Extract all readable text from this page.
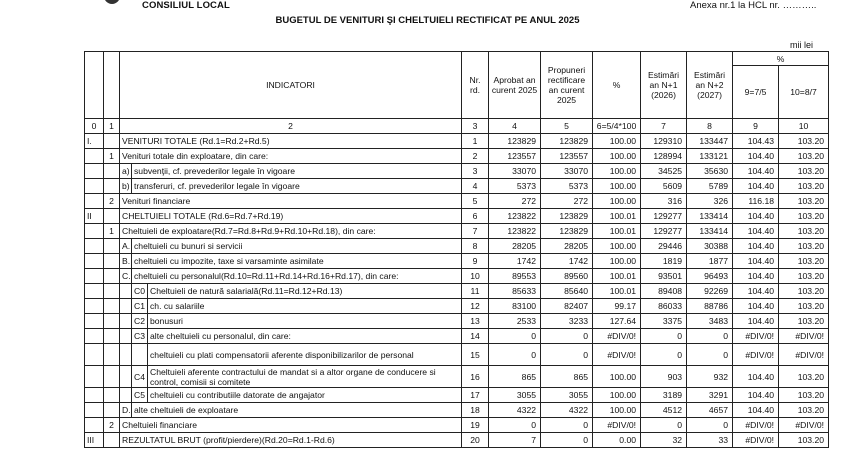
CONSILIUL LOCAL	Anexa nr.1 la HCL nr. ………..
BUGETUL DE VENITURI ŞI CHELTUIELI RECTIFICAT PE ANUL 2025
mii lei
		INDICATORI			Nr. rd.	Aprobat an curent 2025	Propuneri rectificare an curent 2025	%	Estimări an N+1 (2026)	Estimări an N+2 (2027)	%	
											9=7/5	10=8/7
0	1	2			3	4	5	6=5/4*100	7	8	9	10
I.		VENITURI TOTALE (Rd.1=Rd.2+Rd.5)			1	123829	123829	100.00	129310	133447	104.43	103.20
	1	Venituri totale din exploatare, din care:			2	123557	123557	100.00	128994	133121	104.40	103.20
		a)	subvenţii, cf. prevederilor legale în vigoare		3	33070	33070	100.00	34525	35630	104.40	103.20
		b)	transferuri, cf. prevederilor legale în vigoare		4	5373	5373	100.00	5609	5789	104.40	103.20
	2	Venituri financiare			5	272	272	100.00	316	326	116.18	103.20
II		CHELTUIELI TOTALE (Rd.6=Rd.7+Rd.19)			6	123822	123829	100.01	129277	133414	104.40	103.20
	1	Cheltuieli de exploatare(Rd.7=Rd.8+Rd.9+Rd.10+Rd.18), din care:			7	123822	123829	100.01	129277	133414	104.40	103.20
		A.	cheltuieli cu bunuri si servicii		8	28205	28205	100.00	29446	30388	104.40	103.20
		B.	cheltuieli cu impozite, taxe si varsaminte asimilate		9	1742	1742	100.00	1819	1877	104.40	103.20
		C.	cheltuieli cu personalul(Rd.10=Rd.11+Rd.14+Rd.16+Rd.17), din care:		10	89553	89560	100.01	93501	96493	104.40	103.20
			C0	Cheltuieli de natură salarială(Rd.11=Rd.12+Rd.13)	11	85633	85640	100.01	89408	92269	104.40	103.20
			C1	ch. cu salariile	12	83100	82407	99.17	86033	88786	104.40	103.20
			C2	bonusuri	13	2533	3233	127.64	3375	3483	104.40	103.20
			C3	alte cheltuieli cu personalul, din care:	14	0	0	#DIV/0!	0	0	#DIV/0!	#DIV/0!
				cheltuieli cu plati compensatorii aferente disponibilizarilor de personal	15	0	0	#DIV/0!	0	0	#DIV/0!	#DIV/0!
			C4	Cheltuieli aferente contractului de mandat si a altor organe de conducere si control, comisii si comitete	16	865	865	100.00	903	932	104.40	103.20
			C5	cheltuieli cu contributiile datorate de angajator	17	3055	3055	100.00	3189	3291	104.40	103.20
		D.	alte cheltuieli de exploatare		18	4322	4322	100.00	4512	4657	104.40	103.20
	2	Cheltuieli financiare			19	0	0	#DIV/0!	0	0	#DIV/0!	#DIV/0!
III		REZULTATUL BRUT (profit/pierdere)(Rd.20=Rd.1-Rd.6)			20	7	0	0.00	32	33	#DIV/0!	103.20
